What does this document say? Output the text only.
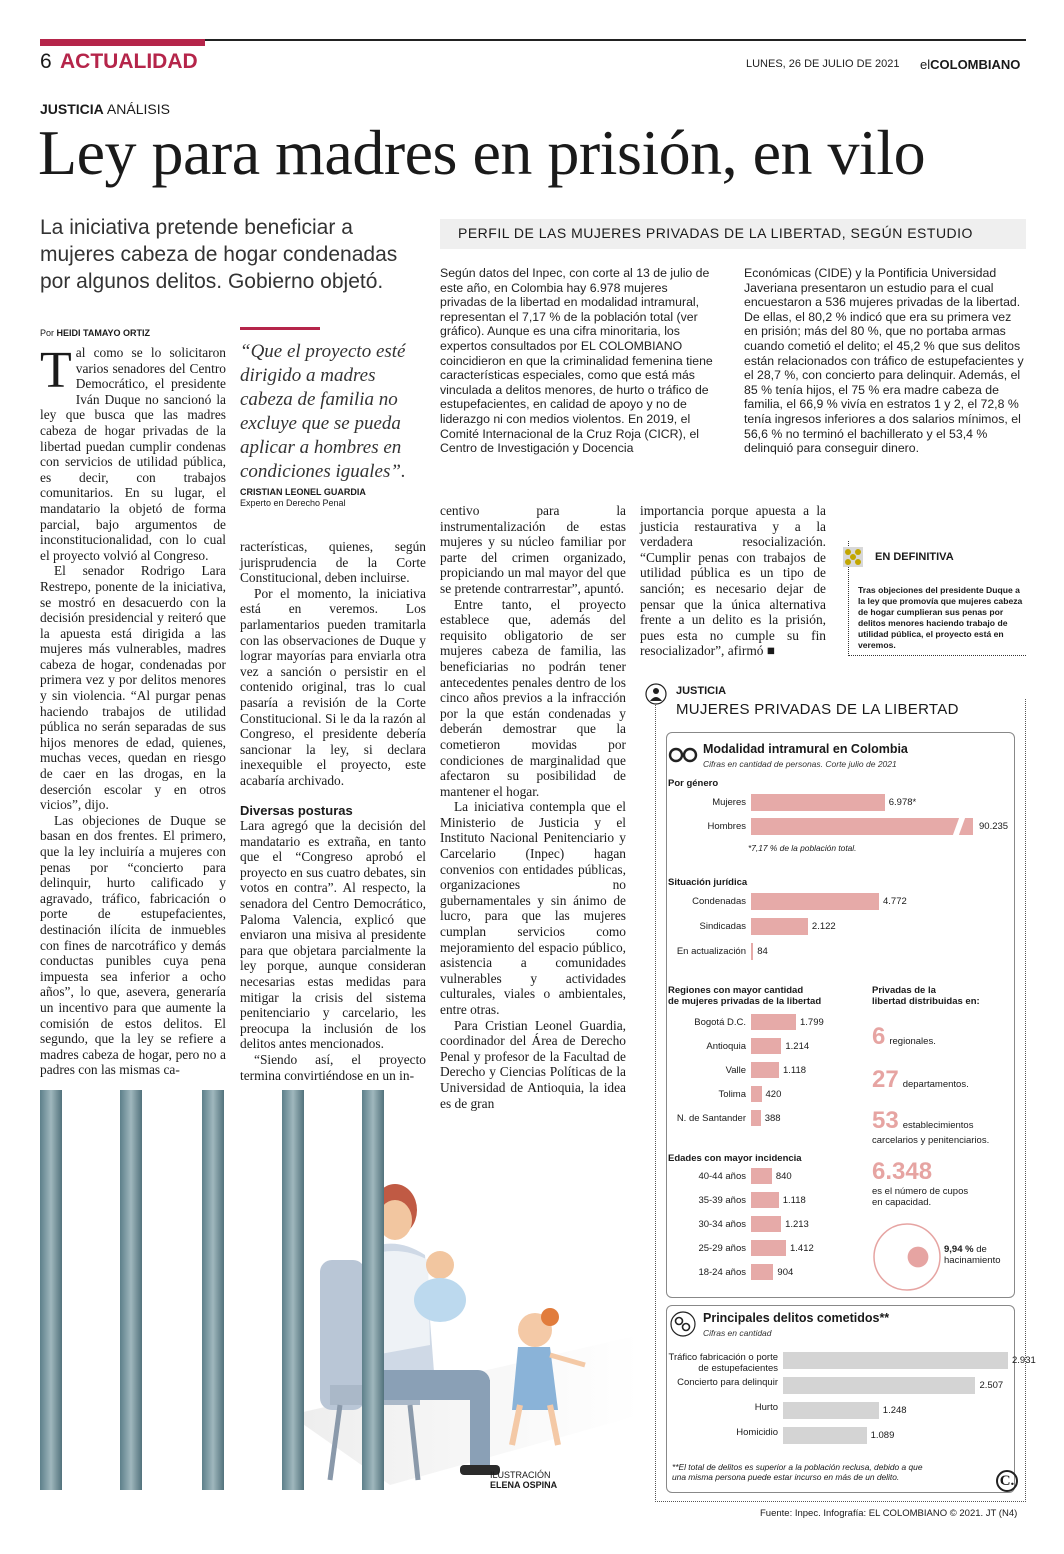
6 ACTUALIDAD	LUNES, 26 DE JULIO DE 2021 elCOLOMBIANO
JUSTICIA ANÁLISIS
Ley para madres en prisión, en vilo
La iniciativa pretende beneficiar a mujeres cabeza de hogar condenadas por algunos delitos. Gobierno objetó.
PERFIL DE LAS MUJERES PRIVADAS DE LA LIBERTAD, SEGÚN ESTUDIO
Según datos del Inpec, con corte al 13 de julio de este año, en Colombia hay 6.978 mujeres privadas de la libertad en modalidad intramural, representan el 7,17 % de la población total (ver gráfico). Aunque es una cifra minoritaria, los expertos consultados por EL COLOMBIANO coincidieron en que la criminalidad femenina tiene características especiales, como que está más vinculada a delitos menores, de hurto o tráfico de estupefacientes, en calidad de apoyo y no de liderazgo ni con medios violentos. En 2019, el Comité Internacional de la Cruz Roja (CICR), el Centro de Investigación y Docencia
Económicas (CIDE) y la Pontificia Universidad Javeriana presentaron un estudio para el cual encuestaron a 536 mujeres privadas de la libertad. De ellas, el 80,2 % indicó que era su primera vez en prisión; más del 80 %, que no portaba armas cuando cometió el delito; el 45,2 % que sus delitos están relacionados con tráfico de estupefacientes y el 28,7 %, con concierto para delinquir. Además, el 85 % tenía hijos, el 75 % era madre cabeza de familia, el 66,9 % vivía en estratos 1 y 2, el 72,8 % tenía ingresos inferiores a dos salarios mínimos, el 56,6 % no terminó el bachillerato y el 53,4 % delinquió para conseguir dinero.
Por HEIDI TAMAYO ORTIZ

Tal como se lo solicitaron varios senadores del Centro Democrático, el presidente Iván Duque no sancionó la ley que busca que las madres cabeza de hogar privadas de la libertad puedan cumplir condenas con servicios de utilidad pública, es decir, con trabajos comunitarios. En su lugar, el mandatario la objetó de forma parcial, bajo argumentos de inconstitucionalidad, con lo cual el proyecto volvió al Congreso.

El senador Rodrigo Lara Restrepo, ponente de la iniciativa, se mostró en desacuerdo con la decisión presidencial y reiteró que la apuesta está dirigida a las mujeres más vulnerables, madres cabeza de hogar, condenadas por primera vez y por delitos menores y sin violencia. “Al purgar penas haciendo trabajos de utilidad pública no serán separadas de sus hijos menores de edad, quienes, muchas veces, quedan en riesgo de caer en las drogas, en la deserción escolar y en otros vicios”, dijo.

Las objeciones de Duque se basan en dos frentes. El primero, que la ley incluiría a mujeres con penas por “concierto para delinquir, hurto calificado y agravado, tráfico, fabricación o porte de estupefacientes, destinación ilícita de inmuebles con fines de narcotráfico y demás conductas punibles cuya pena impuesta sea inferior a ocho años”, lo que, asevera, generaría un incentivo para que aumente la comisión de estos delitos. El segundo, que la ley se refiere a madres cabeza de hogar, pero no a padres con las mismas ca-

“Que el proyecto esté dirigido a madres cabeza de familia no excluye que se pueda aplicar a hombres en condiciones iguales”.
CRISTIAN LEONEL GUARDIA
Experto en Derecho Penal

racterísticas, quienes, según jurisprudencia de la Corte Constitucional, deben incluirse.

Por el momento, la iniciativa está en veremos. Los parlamentarios pueden tramitarla con las observaciones de Duque y lograr mayorías para enviarla otra vez a sanción o persistir en el contenido original, tras lo cual pasaría a revisión de la Corte Constitucional. Si le da la razón al Congreso, el presidente debería sancionar la ley, si declara inexequible el proyecto, este acabaría archivado.

Diversas posturas

Lara agregó que la decisión del mandatario es extraña, en tanto que el “Congreso aprobó el proyecto en sus cuatro debates, sin votos en contra”. Al respecto, la senadora del Centro Democrático, Paloma Valencia, explicó que enviaron una misiva al presidente para que objetara parcialmente la ley porque, aunque consideran necesarias estas medidas para mitigar la crisis del sistema penitenciario y carcelario, les preocupa la inclusión de los delitos antes mencionados.

“Siendo así, el proyecto termina convirtiéndose en un in-

centivo para la instrumentalización de estas mujeres y su núcleo familiar por parte del crimen organizado, propiciando un mal mayor del que se pretende contrarrestar”, apuntó.

Entre tanto, el proyecto establece que, además del requisito obligatorio de ser mujeres cabeza de familia, las beneficiarias no podrán tener antecedentes penales dentro de los cinco años previos a la infracción por la que están condenadas y deberán demostrar que la cometieron movidas por condiciones de marginalidad que afectaron su posibilidad de mantener el hogar.

La iniciativa contempla que el Ministerio de Justicia y el Instituto Nacional Penitenciario y Carcelario (Inpec) hagan convenios con entidades públicas, organizaciones no gubernamentales y sin ánimo de lucro, para que las mujeres cumplan servicios como mejoramiento del espacio público, asistencia a comunidades vulnerables y actividades culturales, viales o ambientales, entre otras.

Para Cristian Leonel Guardia, coordinador del Área de Derecho Penal y profesor de la Facultad de Derecho y Ciencias Políticas de la Universidad de Antioquia, la idea es de gran

importancia porque apuesta a la justicia restaurativa y a la verdadera resocialización. “Cumplir penas con trabajos de utilidad pública es un tipo de sanción; es necesario dejar de pensar que la única alternativa frente a un delito es la prisión, pues esta no cumple su fin resocializador”, afirmó ■

EN DEFINITIVA
Tras objeciones del presidente Duque a la ley que promovía que mujeres cabeza de hogar cumplieran sus penas por delitos menores haciendo trabajo de utilidad pública, el proyecto está en veremos.
ILUSTRACIÓN
ELENA OSPINA
JUSTICIA
MUJERES PRIVADAS DE LA LIBERTAD
Modalidad intramural en Colombia
Cifras en cantidad de personas. Corte julio de 2021
Por género
Mujeres	6.978*
Hombres	90.235
*7,17 % de la población total.
Situación jurídica
Condenadas	4.772
Sindicadas	2.122
En actualización 84
Regiones con mayor cantidad
de mujeres privadas de la libertad
Bogotá D.C.	1.799
Antioquia	1.214
Valle	1.118
Tolima 420
N. de Santander 388
Edades con mayor incidencia
40-44 años	840
35-39 años	1.118
30-34 años	1.213
25-29 años	1.412
18-24 años	904
Privadas de la
libertad distribuidas en:
6 regionales.
27 departamentos.
53 establecimientos
carcelarios y penitenciarios.
6.348
es el número de cupos
en capacidad.
9,94 % de
hacinamiento
Principales delitos cometidos**
Cifras en cantidad
Tráfico fabricación o porte de estupefacientes
2.931
Concierto para delinquir	2.507
Hurto	1.248
Homicidio	1.089
**El total de delitos es superior a la población reclusa, debido a que
una misma persona puede estar incurso en más de un delito.	C.
Fuente: Inpec. Infografía: EL COLOMBIANO © 2021. JT (N4)
